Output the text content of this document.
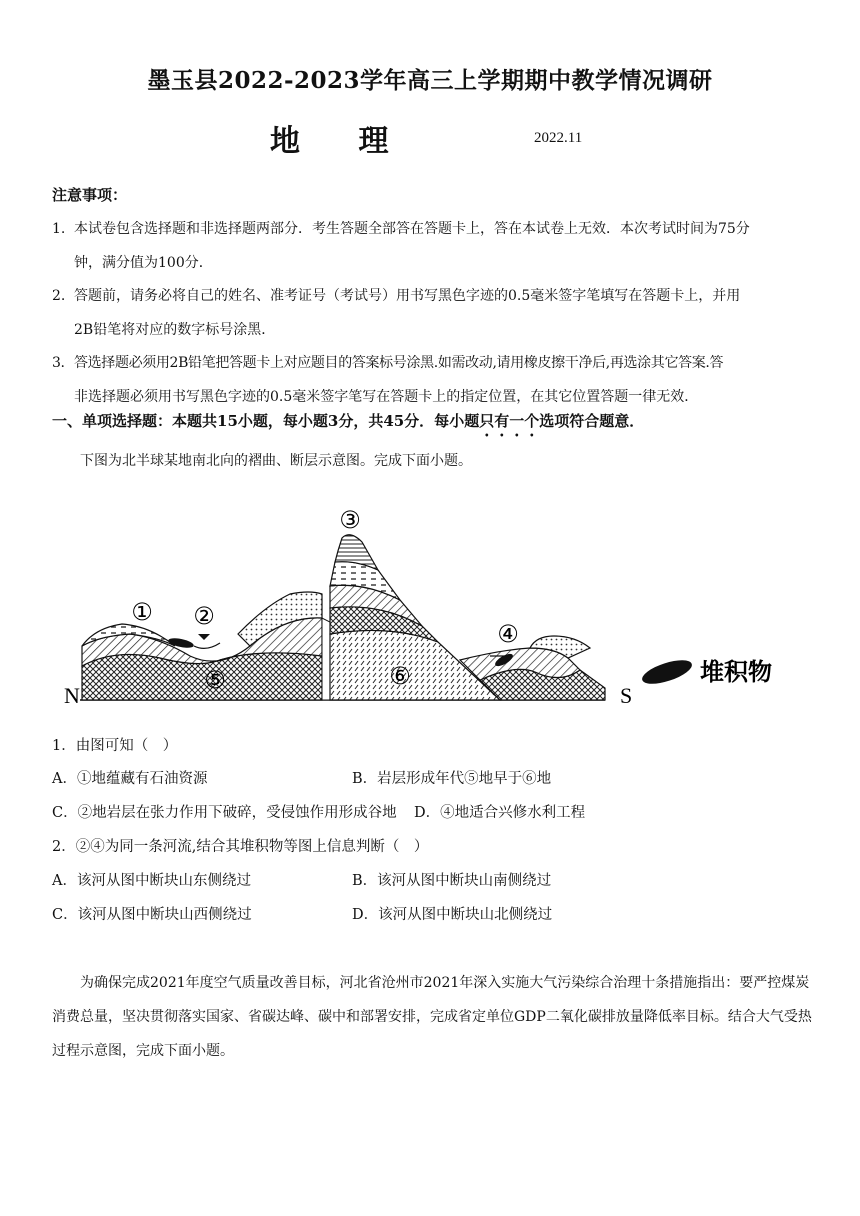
墨玉县2022-2023学年高三上学期期中教学情况调研
地 理	2022.11
注意事项：
1. 本试卷包含选择题和非选择题两部分．考生答题全部答在答题卡上，答在本试卷上无效．本次考试时间为75分
钟，满分值为100分．
2. 答题前，请务必将自己的姓名、准考证号（考试号）用书写黑色字迹的0.5毫米签字笔填写在答题卡上，并用
2B铅笔将对应的数字标号涂黑．
3. 答选择题必须用2B铅笔把答题卡上对应题目的答案标号涂黑.如需改动,请用橡皮擦干净后,再选涂其它答案.答
非选择题必须用书写黑色字迹的0.5毫米签字笔写在答题卡上的指定位置，在其它位置答题一律无效．
一、单项选择题：本题共15小题，每小题3分，共45分．每小题只有一个选项符合题意．
下图为北半球某地南北向的褶曲、断层示意图。完成下面小题。
① ②
③
④
⑤	⑥
N	S
堆积物
1．由图可知（　）
A．①地蕴藏有石油资源	B．岩层形成年代⑤地早于⑥地
C．②地岩层在张力作用下破碎，受侵蚀作用形成谷地 D．④地适合兴修水利工程
2．②④为同一条河流,结合其堆积物等图上信息判断（　）
A．该河从图中断块山东侧绕过	B．该河从图中断块山南侧绕过
C．该河从图中断块山西侧绕过	D．该河从图中断块山北侧绕过
为确保完成2021年度空气质量改善目标，河北省沧州市2021年深入实施大气污染综合治理十条措施指出：要严控煤炭消费总量，坚决贯彻落实国家、省碳达峰、碳中和部署安排，完成省定单位GDP二氧化碳排放量降低率目标。结合大气受热过程示意图，完成下面小题。
